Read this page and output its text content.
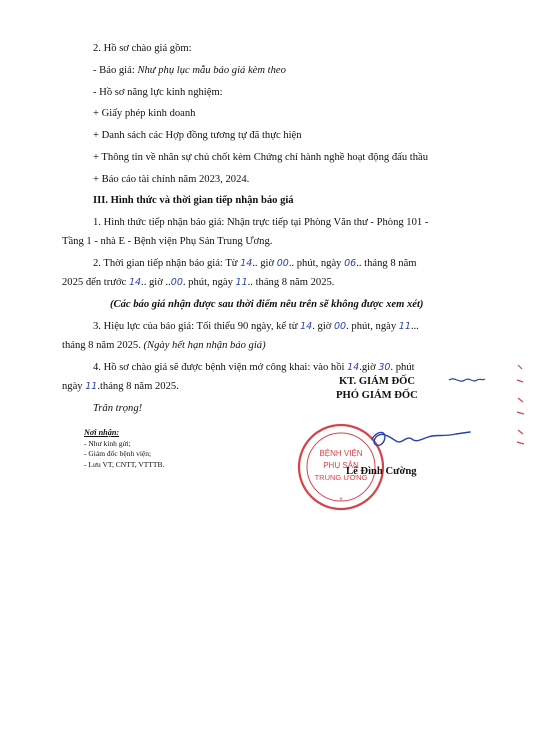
2. Hồ sơ chào giá gồm:
- Báo giá: Như phụ lục mẫu báo giá kèm theo
- Hồ sơ năng lực kinh nghiệm:
+ Giấy phép kinh doanh
+ Danh sách các Hợp đồng tương tự đã thực hiện
+ Thông tin về nhân sự chủ chốt kèm Chứng chỉ hành nghề hoạt động đấu thầu
+ Báo cáo tài chính năm 2023, 2024.
III. Hình thức và thời gian tiếp nhận báo giá
1. Hình thức tiếp nhận báo giá: Nhận trực tiếp tại Phòng Văn thư - Phòng 101 -
Tầng 1 - nhà E - Bệnh viện Phụ Sản Trung Ương.
2. Thời gian tiếp nhận báo giá: Từ 14.. giờ 00.. phút, ngày 06.. tháng 8 năm
2025 đến trước 14.. giờ ..00. phút, ngày 11.. tháng 8 năm 2025.
(Các báo giá nhận được sau thời điểm nêu trên sẽ không được xem xét)
3. Hiệu lực của báo giá: Tối thiểu 90 ngày, kể từ 14. giờ 00. phút, ngày 11...
tháng 8 năm 2025. (Ngày hết hạn nhận báo giá)
4. Hồ sơ chào giá sẽ được bệnh viện mở công khai: vào hồi 14.giờ 30. phút
ngày 11.tháng 8 năm 2025.
Trân trọng!
Nơi nhận:
- Như kính gửi;
- Giám đốc bệnh viện;
- Lưu VT, CNTT, VTTTB.
BỆNH VIỆN
PHỤ SẢN
TRUNG ƯƠNG
*
KT. GIÁM ĐỐC
PHÓ GIÁM ĐỐC
Lê Đình Cường
